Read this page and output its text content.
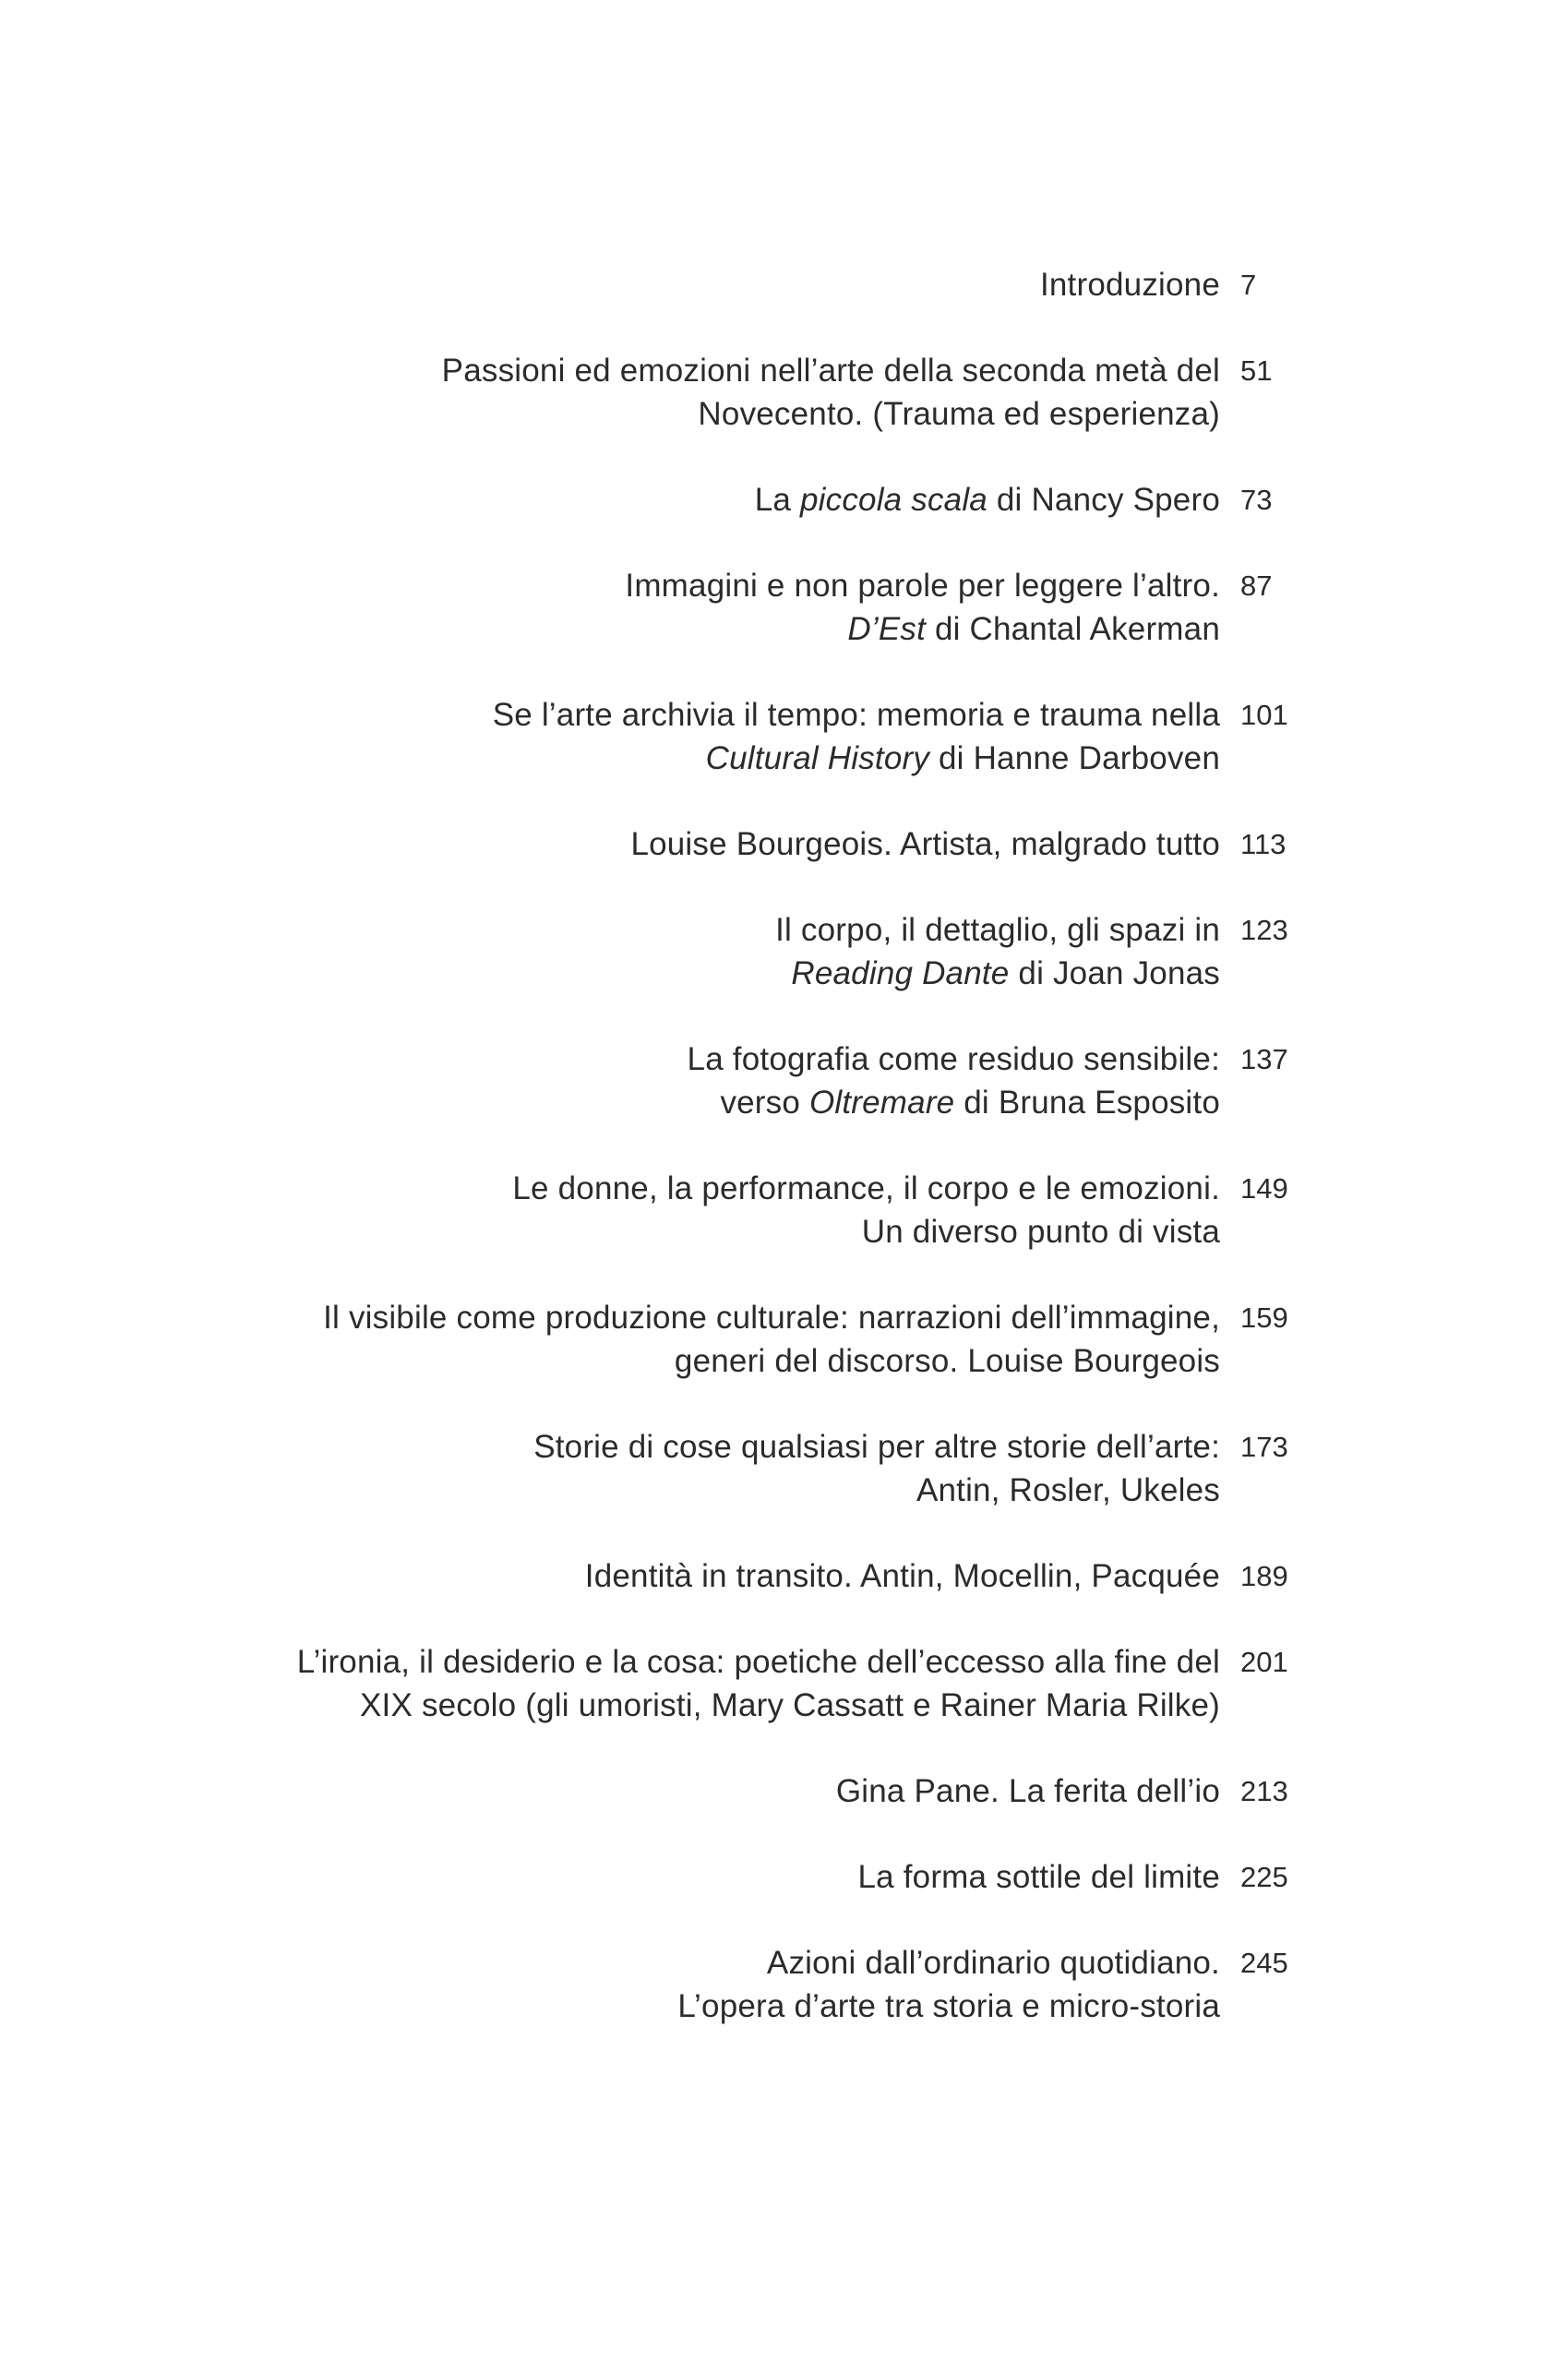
Introduzione 7
Passioni ed emozioni nell’arte della seconda metà del
Novecento. (Trauma ed esperienza)
51
La piccola scala di Nancy Spero 73
Immagini e non parole per leggere l’altro.
D’Est di Chantal Akerman
87
Se l’arte archivia il tempo: memoria e trauma nella
Cultural History di Hanne Darboven
101
Louise Bourgeois. Artista, malgrado tutto 113
Il corpo, il dettaglio, gli spazi in
Reading Dante di Joan Jonas
123
La fotografia come residuo sensibile:
verso Oltremare di Bruna Esposito
137
Le donne, la performance, il corpo e le emozioni.
Un diverso punto di vista
149
Il visibile come produzione culturale: narrazioni dell’immagine,
generi del discorso. Louise Bourgeois
159
Storie di cose qualsiasi per altre storie dell’arte:
Antin, Rosler, Ukeles
173
Identità in transito. Antin, Mocellin, Pacquée 189
L’ironia, il desiderio e la cosa: poetiche dell’eccesso alla fine del
XIX secolo (gli umoristi, Mary Cassatt e Rainer Maria Rilke)
201
Gina Pane. La ferita dell’io 213
La forma sottile del limite 225
Azioni dall’ordinario quotidiano.
L’opera d’arte tra storia e micro-storia
245
